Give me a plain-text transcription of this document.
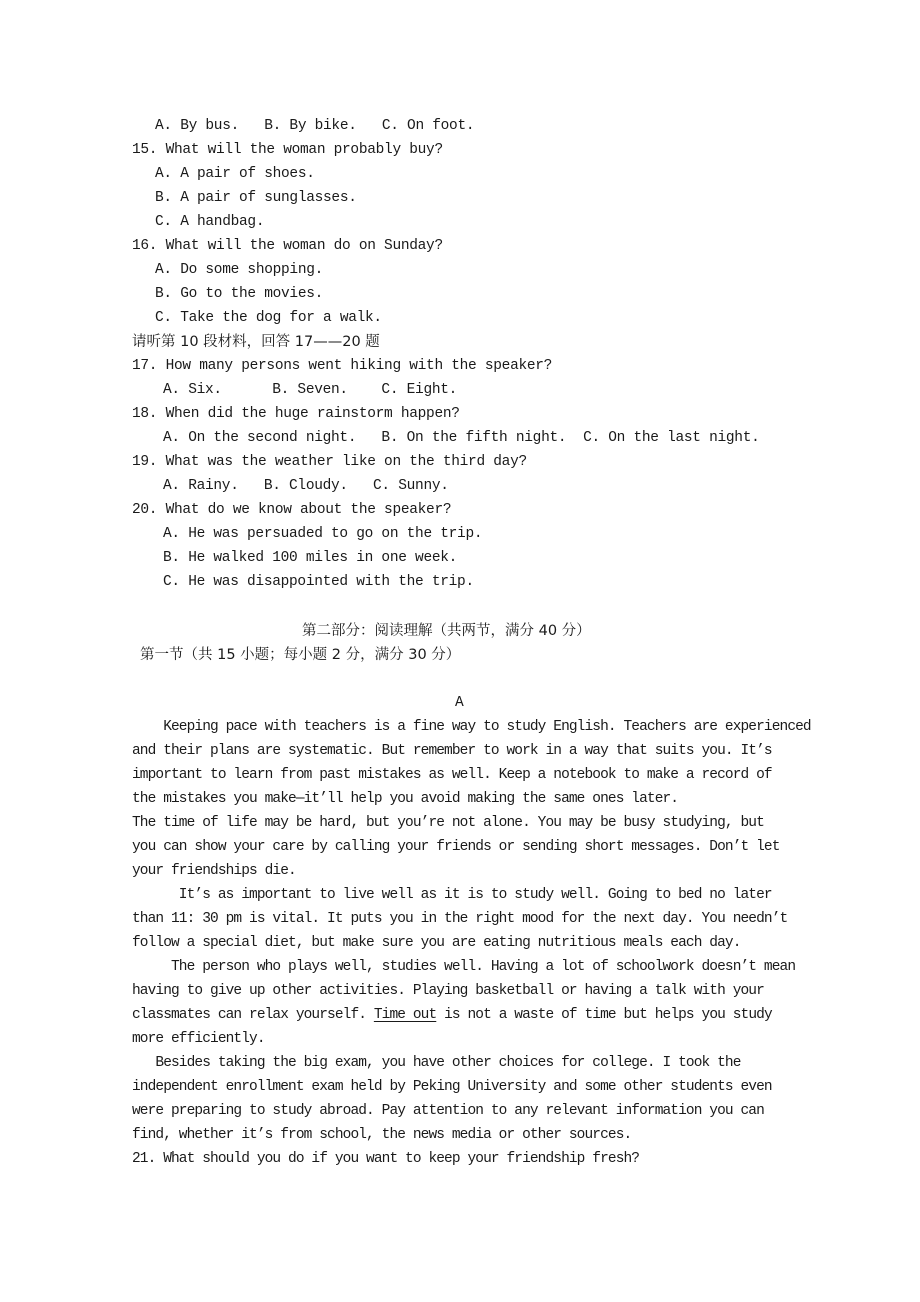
A. By bus.   B. By bike.   C. On foot.
15. What will the woman probably buy?
A. A pair of shoes.
B. A pair of sunglasses.
C. A handbag.
16. What will the woman do on Sunday?
A. Do some shopping.
B. Go to the movies.
C. Take the dog for a walk.
请听第 10 段材料，回答 17——20 题
17. How many persons went hiking with the speaker?
A. Six.      B. Seven.    C. Eight.
18. When did the huge rainstorm happen?
A. On the second night.   B. On the fifth night.  C. On the last night.
19. What was the weather like on the third day?
A. Rainy.   B. Cloudy.   C. Sunny.
20. What do we know about the speaker?
A. He was persuaded to go on the trip.
B. He walked 100 miles in one week.
C. He was disappointed with the trip.
第二部分：阅读理解（共两节，满分 40 分）
第一节（共 15 小题；每小题 2 分，满分 30 分）
A
Keeping pace with teachers is a fine way to study English. Teachers are experienced
and their plans are systematic. But remember to work in a way that suits you. It’s
important to learn from past mistakes as well. Keep a notebook to make a record of
the mistakes you make—it’ll help you avoid making the same ones later.
The time of life may be hard, but you’re not alone. You may be busy studying, but
you can show your care by calling your friends or sending short messages. Don’t let
your friendships die.
It’s as important to live well as it is to study well. Going to bed no later
than 11: 30 pm is vital. It puts you in the right mood for the next day. You needn’t
follow a special diet, but make sure you are eating nutritious meals each day.
The person who plays well, studies well. Having a lot of schoolwork doesn’t mean
having to give up other activities. Playing basketball or having a talk with your
classmates can relax yourself. Time out is not a waste of time but helps you study
more efficiently.
Besides taking the big exam, you have other choices for college. I took the
independent enrollment exam held by Peking University and some other students even
were preparing to study abroad. Pay attention to any relevant information you can
find, whether it’s from school, the news media or other sources.
21. What should you do if you want to keep your friendship fresh?
